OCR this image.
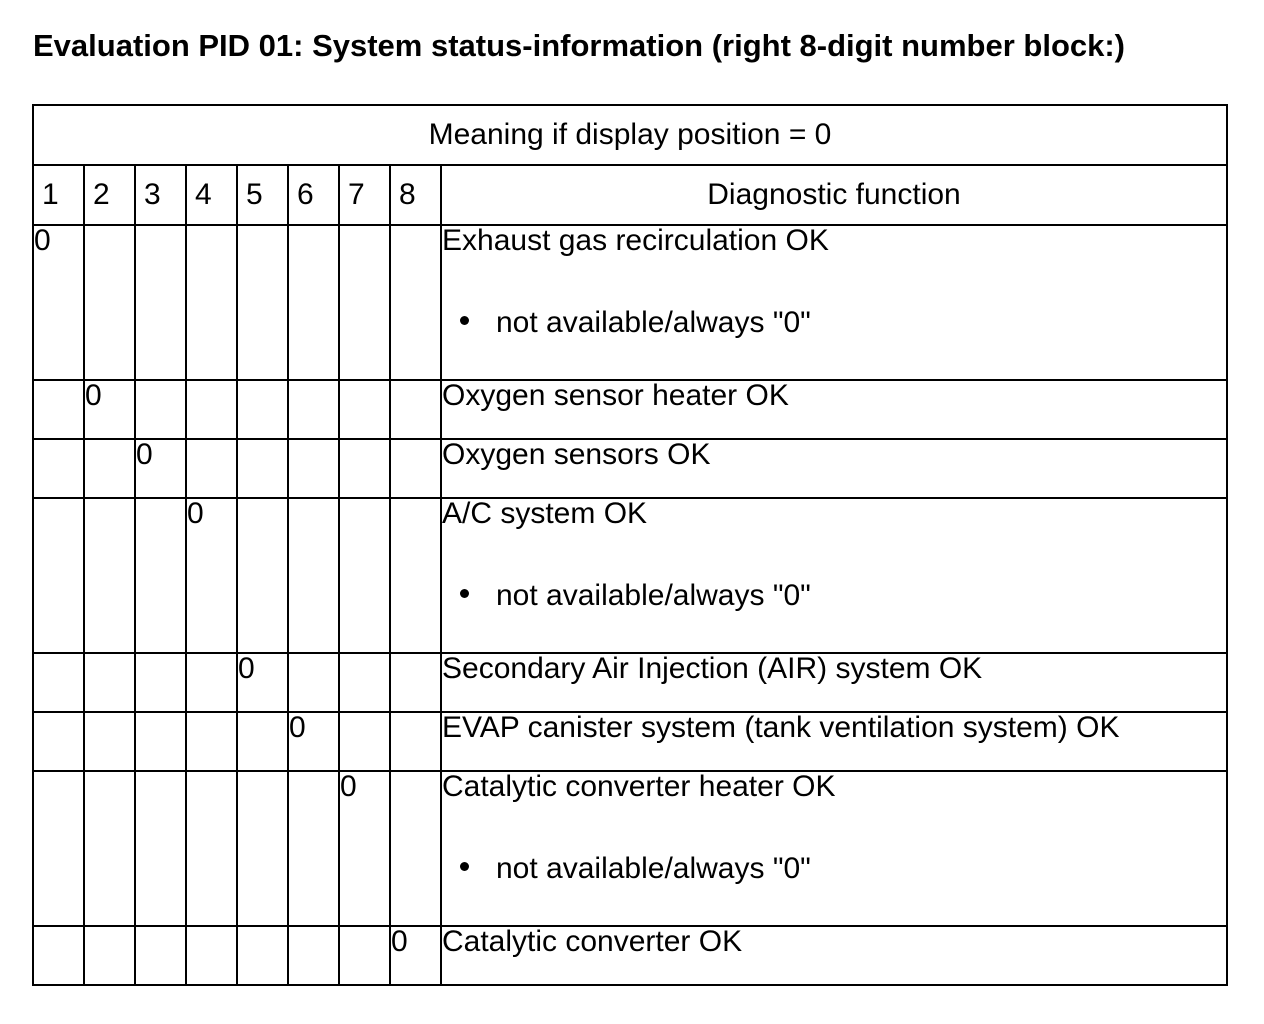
Evaluation PID 01: System status-information (right 8-digit number block:)
Meaning if display position = 0								
1	2	3	4	5	6	7	8	Diagnostic function
0								Exhaust gas recirculation OK
not available/always "0"

	0							Oxygen sensor heater OK

		0						Oxygen sensors OK

			0					A/C system OK
not available/always "0"

				0				Secondary Air Injection (AIR) system OK

					0			EVAP canister system (tank ventilation system) OK

						0		Catalytic converter heater OK
not available/always "0"

							0	Catalytic converter OK
